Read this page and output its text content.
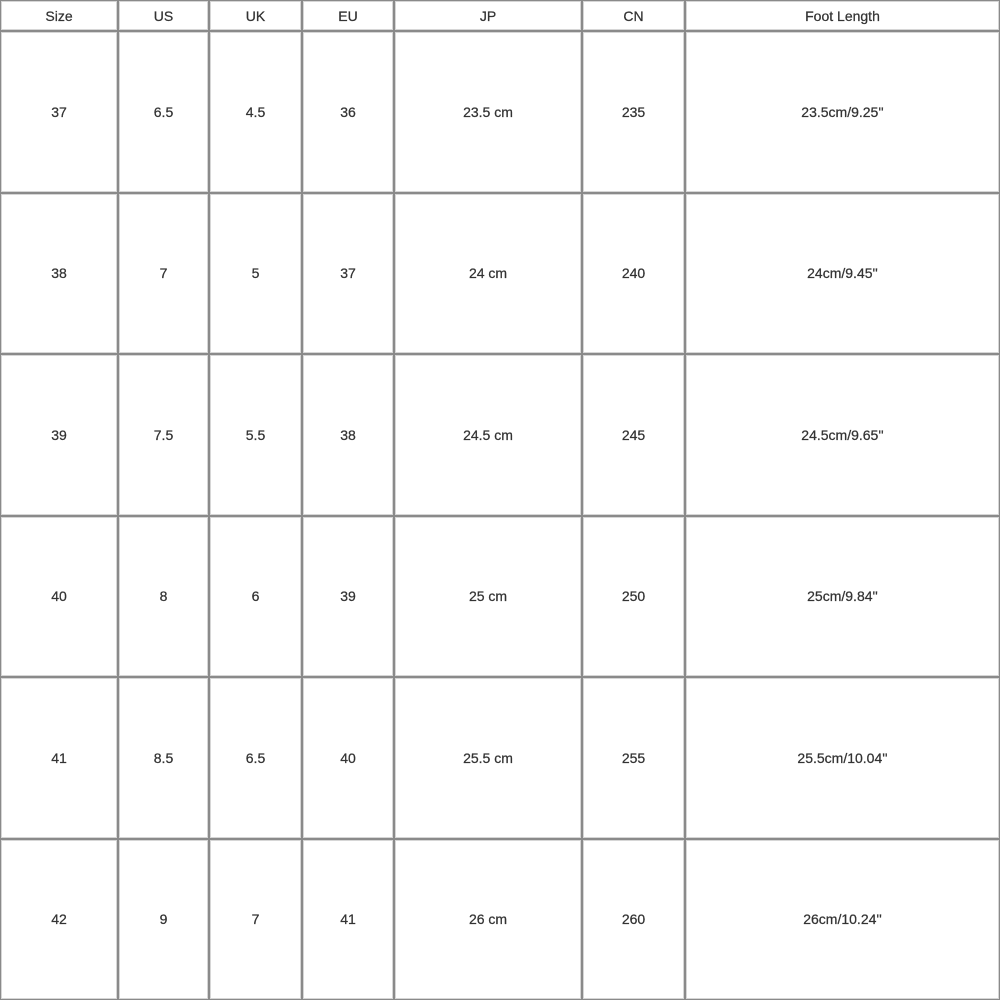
Size	US	UK	EU	JP	CN	Foot Length
37	6.5	4.5	36	23.5 cm	235	23.5cm/9.25''
38	7	5	37	24 cm	240	24cm/9.45''
39	7.5	5.5	38	24.5 cm	245	24.5cm/9.65''
40	8	6	39	25 cm	250	25cm/9.84''
41	8.5	6.5	40	25.5 cm	255	25.5cm/10.04''
42	9	7	41	26 cm	260	26cm/10.24''
